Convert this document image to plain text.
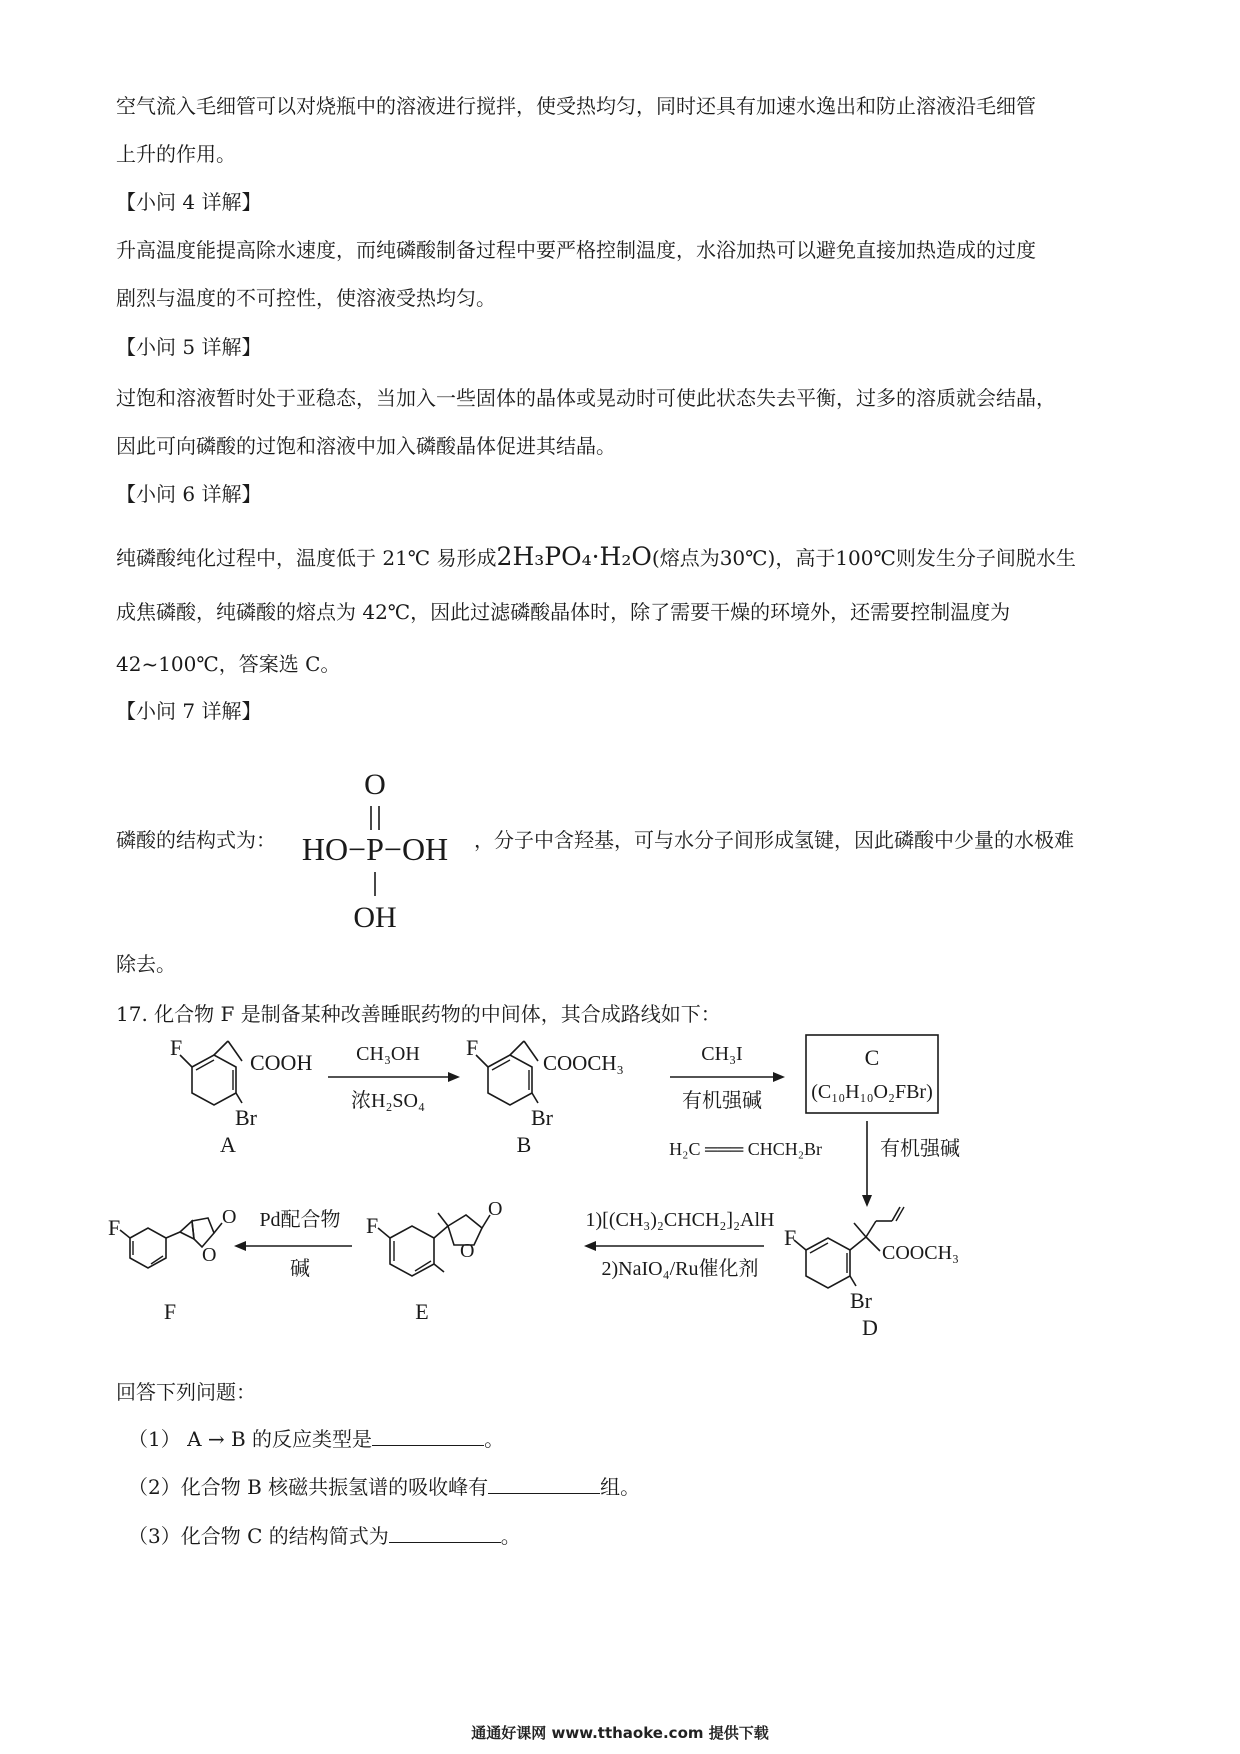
空气流入毛细管可以对烧瓶中的溶液进行搅拌，使受热均匀，同时还具有加速水逸出和防止溶液沿毛细管
上升的作用。
【小问 4 详解】
升高温度能提高除水速度，而纯磷酸制备过程中要严格控制温度，水浴加热可以避免直接加热造成的过度
剧烈与温度的不可控性，使溶液受热均匀。
【小问 5 详解】
过饱和溶液暂时处于亚稳态，当加入一些固体的晶体或晃动时可使此状态失去平衡，过多的溶质就会结晶，
因此可向磷酸的过饱和溶液中加入磷酸晶体促进其结晶。
【小问 6 详解】
纯磷酸纯化过程中，温度低于 21℃ 易形成2H₃PO₄·H₂O(熔点为30℃)，高于100℃则发生分子间脱水生
成焦磷酸，纯磷酸的熔点为 42℃，因此过滤磷酸晶体时，除了需要干燥的环境外，还需要控制温度为
42~100℃，答案选 C。
【小问 7 详解】
磷酸的结构式为：
O
HO−P−OH
OH
，分子中含羟基，可与水分子间形成氢键，因此磷酸中少量的水极难
除去。
17. 化合物 F 是制备某种改善睡眠药物的中间体，其合成路线如下：
F
COOH
Br
A
CH₃OH
浓H₂SO₄
F
COOCH₃
Br
B
CH₃I
有机强碱
C
(C₁₀H₁₀O₂FBr)
H₂C ═══ CHCH₂Br	有机强碱
F
COOCH₃
Br
D
1)[(CH₃)₂CHCH₂]₂AlH
2)NaIO₄/Ru催化剂
F
O
O
E
Pd配合物
碱
F	O
O
F
回答下列问题：
（1） A → B 的反应类型是	。
（2）化合物 B 核磁共振氢谱的吸收峰有	组。
（3）化合物 C 的结构简式为	。
通通好课网 www.tthaoke.com 提供下载
